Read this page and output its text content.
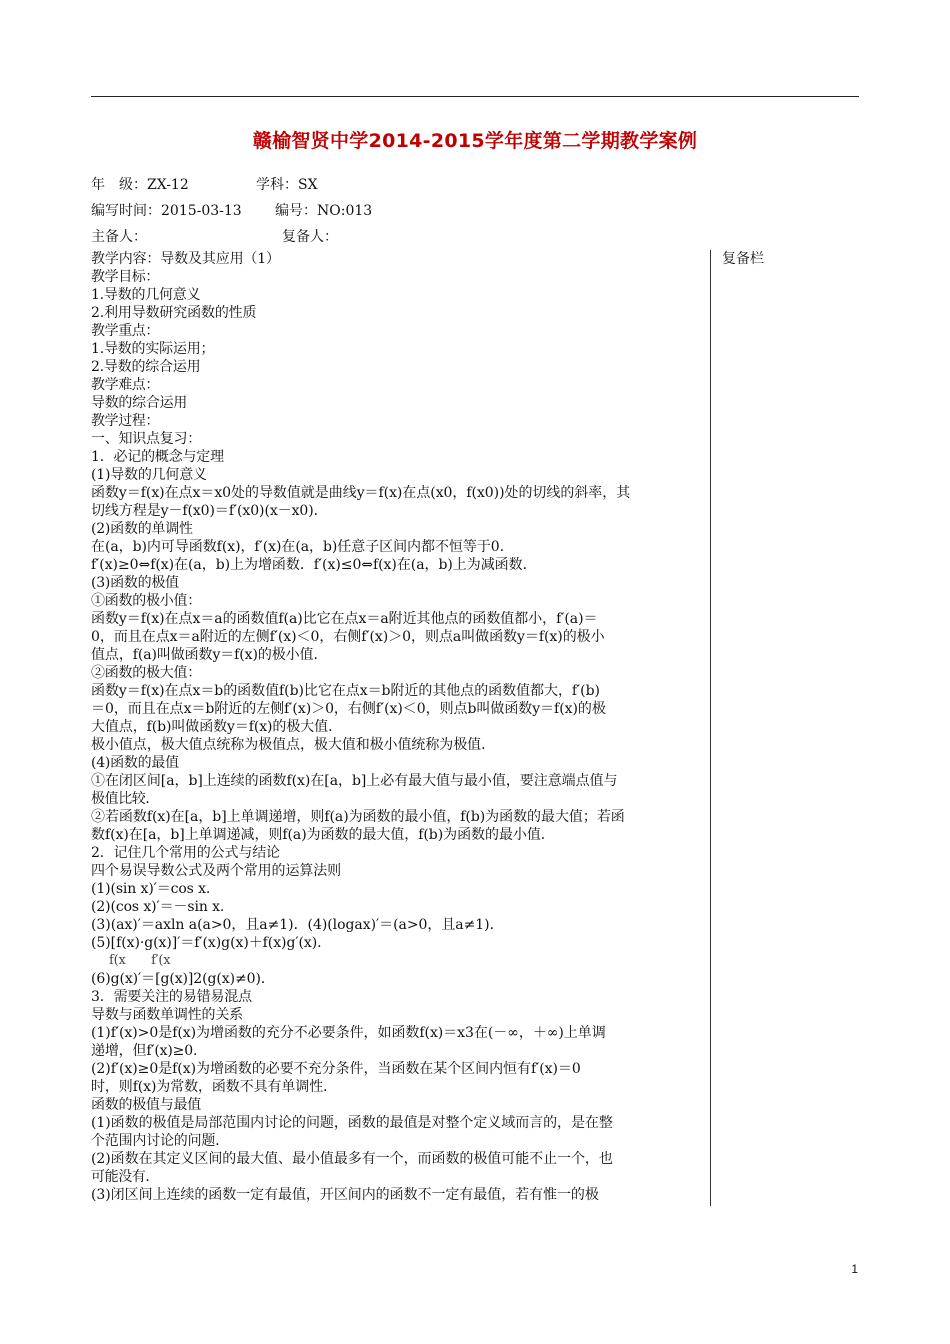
赣榆智贤中学2014-2015学年度第二学期教学案例
年　级：ZX-12	学科：SX
编写时间：2015-03-13 编号：NO:013
主备人：	复备人：
复备栏
教学内容：导数及其应用（1）
教学目标：
1.导数的几何意义
2.利用导数研究函数的性质
教学重点：
1.导数的实际运用；
2.导数的综合运用
教学难点：
导数的综合运用
教学过程：
一、知识点复习：
1．必记的概念与定理
(1)导数的几何意义
函数y＝f(x)在点x＝x0处的导数值就是曲线y＝f(x)在点(x0，f(x0))处的切线的斜率，其
切线方程是y－f(x0)＝f′(x0)(x－x0)．
(2)函数的单调性
在(a，b)内可导函数f(x)，f′(x)在(a，b)任意子区间内都不恒等于0.
f′(x)≥0⇔f(x)在(a，b)上为增函数．f′(x)≤0⇔f(x)在(a，b)上为减函数．
(3)函数的极值
①函数的极小值：
函数y＝f(x)在点x＝a的函数值f(a)比它在点x＝a附近其他点的函数值都小，f′(a)＝
0，而且在点x＝a附近的左侧f′(x)＜0，右侧f′(x)＞0，则点a叫做函数y＝f(x)的极小
值点，f(a)叫做函数y＝f(x)的极小值．
②函数的极大值：
函数y＝f(x)在点x＝b的函数值f(b)比它在点x＝b附近的其他点的函数值都大，f′(b)
＝0，而且在点x＝b附近的左侧f′(x)＞0，右侧f′(x)＜0，则点b叫做函数y＝f(x)的极
大值点，f(b)叫做函数y＝f(x)的极大值．
极小值点，极大值点统称为极值点，极大值和极小值统称为极值．
(4)函数的最值
①在闭区间[a，b]上连续的函数f(x)在[a，b]上必有最大值与最小值，要注意端点值与
极值比较．
②若函数f(x)在[a，b]上单调递增，则f(a)为函数的最小值，f(b)为函数的最大值；若函
数f(x)在[a，b]上单调递减，则f(a)为函数的最大值，f(b)为函数的最小值．
2．记住几个常用的公式与结论
四个易误导数公式及两个常用的运算法则
(1)(sin x)′＝cos x.
(2)(cos x)′＝－sin x.
(3)(ax)′＝axln a(a>0，且a≠1)．(4)(logax)′＝(a>0，且a≠1)．
(5)[f(x)·g(x)]′＝f′(x)g(x)＋f(x)g′(x)．
f(x　　f′(x
(6)g(x)′＝[g(x)]2(g(x)≠0)．
3．需要关注的易错易混点
导数与函数单调性的关系
(1)f′(x)>0是f(x)为增函数的充分不必要条件，如函数f(x)＝x3在(－∞，＋∞)上单调
递增，但f′(x)≥0.
(2)f′(x)≥0是f(x)为增函数的必要不充分条件，当函数在某个区间内恒有f′(x)＝0
时，则f(x)为常数，函数不具有单调性．
函数的极值与最值
(1)函数的极值是局部范围内讨论的问题，函数的最值是对整个定义域而言的，是在整
个范围内讨论的问题．
(2)函数在其定义区间的最大值、最小值最多有一个，而函数的极值可能不止一个，也
可能没有．
(3)闭区间上连续的函数一定有最值，开区间内的函数不一定有最值，若有惟一的极
1
